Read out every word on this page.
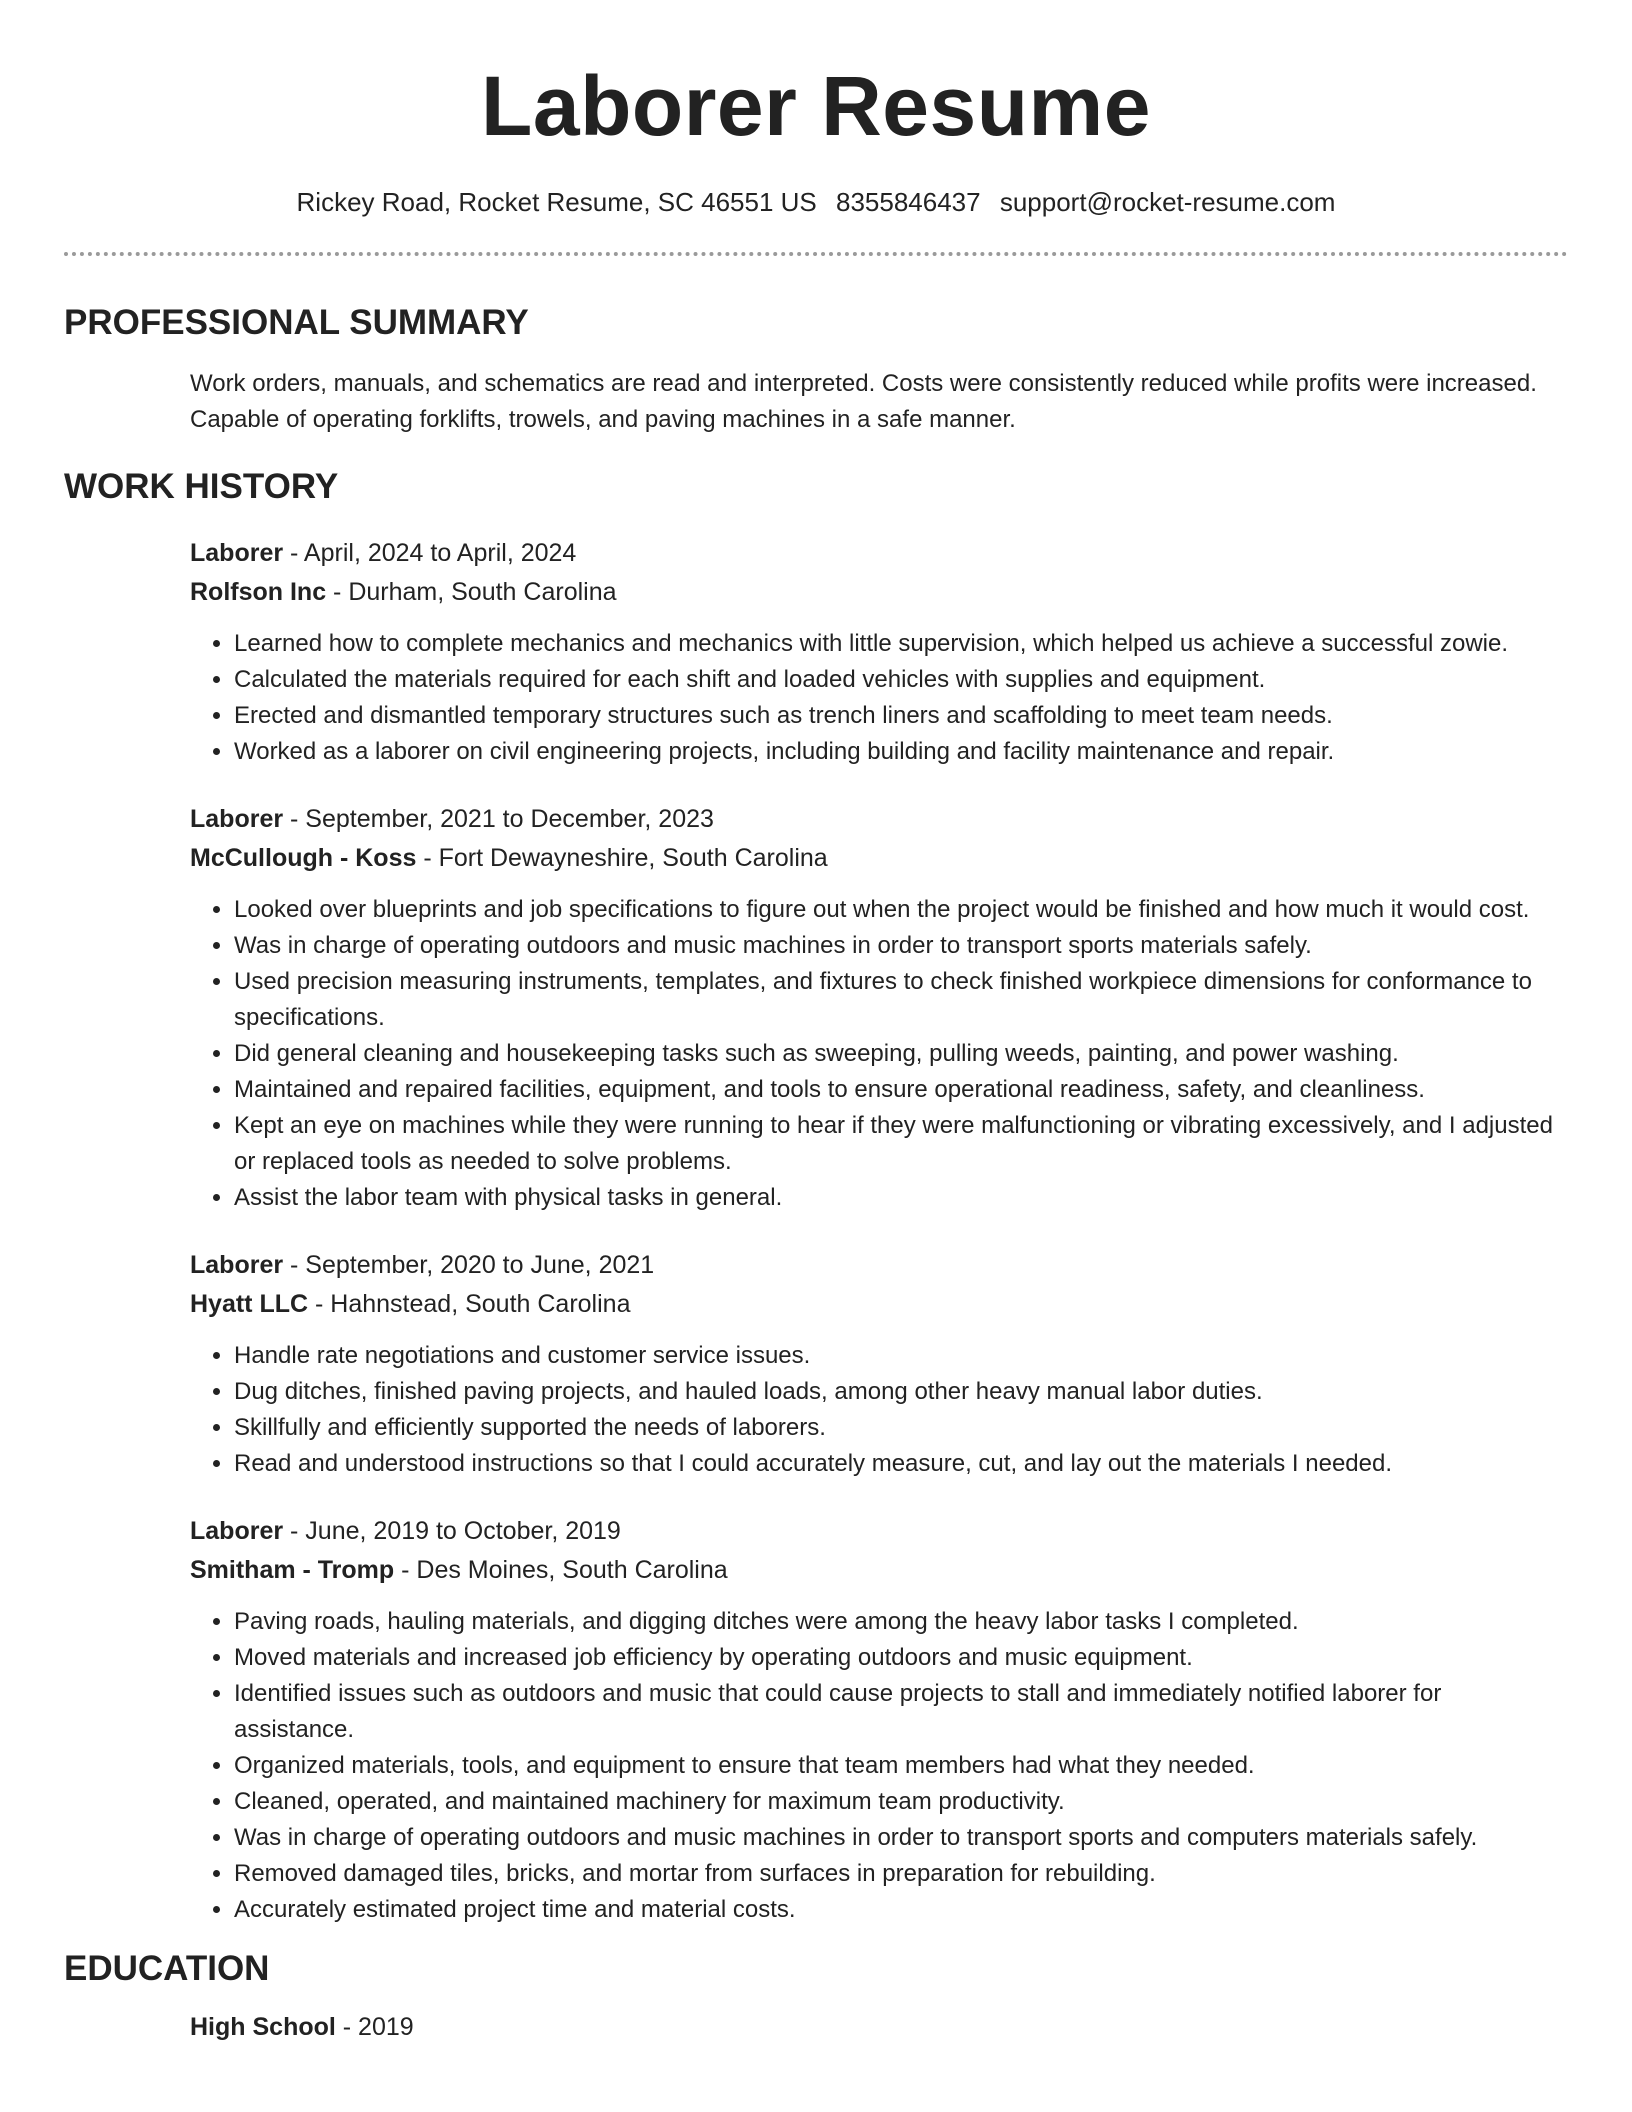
Laborer Resume
Rickey Road, Rocket Resume, SC 46551 US 8355846437 support@rocket-resume.com
PROFESSIONAL SUMMARY
Work orders, manuals, and schematics are read and interpreted. Costs were consistently reduced while profits were increased. Capable of operating forklifts, trowels, and paving machines in a safe manner.
WORK HISTORY
Laborer - April, 2024 to April, 2024
Rolfson Inc - Durham, South Carolina
• Learned how to complete mechanics and mechanics with little supervision, which helped us achieve a successful zowie.
• Calculated the materials required for each shift and loaded vehicles with supplies and equipment.
• Erected and dismantled temporary structures such as trench liners and scaffolding to meet team needs.
• Worked as a laborer on civil engineering projects, including building and facility maintenance and repair.
Laborer - September, 2021 to December, 2023
McCullough - Koss - Fort Dewayneshire, South Carolina
• Looked over blueprints and job specifications to figure out when the project would be finished and how much it would cost.
• Was in charge of operating outdoors and music machines in order to transport sports materials safely.
• Used precision measuring instruments, templates, and fixtures to check finished workpiece dimensions for conformance to specifications.
• Did general cleaning and housekeeping tasks such as sweeping, pulling weeds, painting, and power washing.
• Maintained and repaired facilities, equipment, and tools to ensure operational readiness, safety, and cleanliness.
• Kept an eye on machines while they were running to hear if they were malfunctioning or vibrating excessively, and I adjusted or replaced tools as needed to solve problems.
• Assist the labor team with physical tasks in general.
Laborer - September, 2020 to June, 2021
Hyatt LLC - Hahnstead, South Carolina
• Handle rate negotiations and customer service issues.
• Dug ditches, finished paving projects, and hauled loads, among other heavy manual labor duties.
• Skillfully and efficiently supported the needs of laborers.
• Read and understood instructions so that I could accurately measure, cut, and lay out the materials I needed.
Laborer - June, 2019 to October, 2019
Smitham - Tromp - Des Moines, South Carolina
• Paving roads, hauling materials, and digging ditches were among the heavy labor tasks I completed.
• Moved materials and increased job efficiency by operating outdoors and music equipment.
• Identified issues such as outdoors and music that could cause projects to stall and immediately notified laborer for assistance.
• Organized materials, tools, and equipment to ensure that team members had what they needed.
• Cleaned, operated, and maintained machinery for maximum team productivity.
• Was in charge of operating outdoors and music machines in order to transport sports and computers materials safely.
• Removed damaged tiles, bricks, and mortar from surfaces in preparation for rebuilding.
• Accurately estimated project time and material costs.
EDUCATION
High School - 2019
